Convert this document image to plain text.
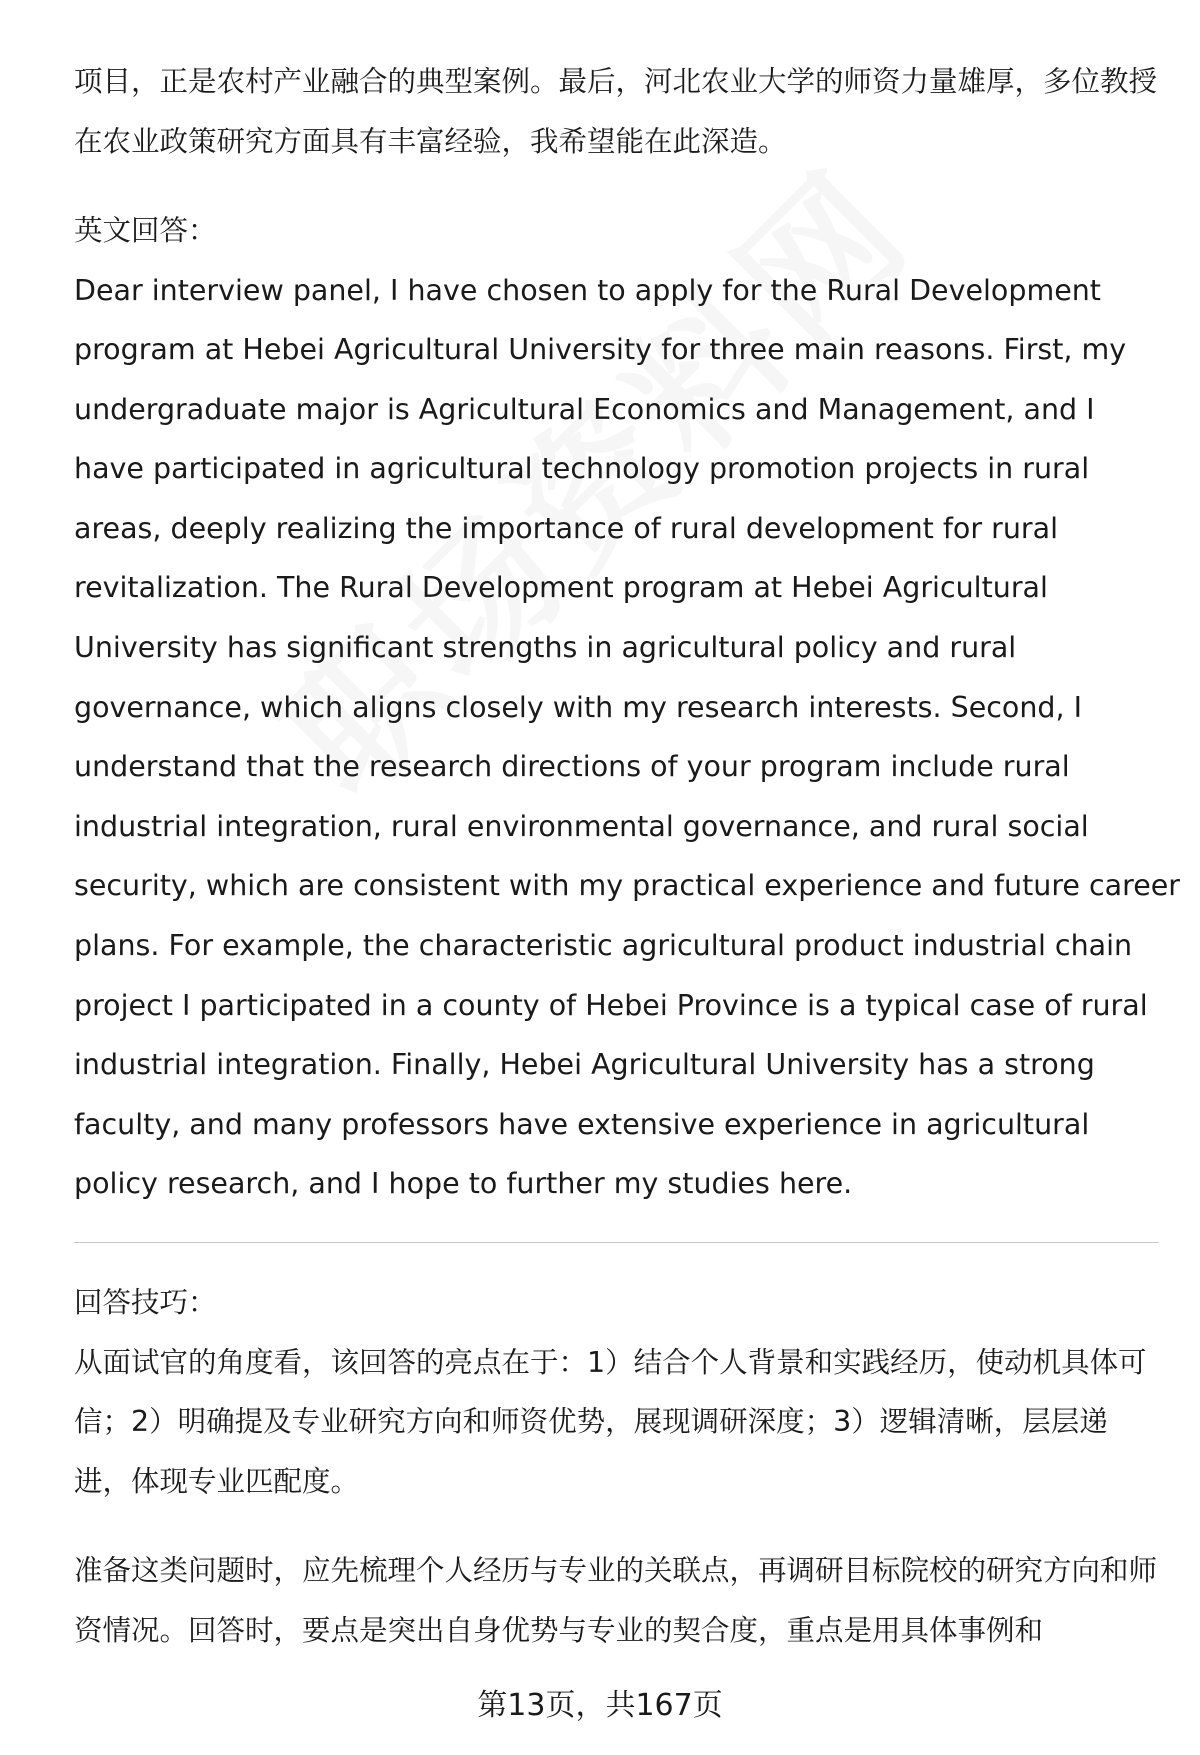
项目，正是农村产业融合的典型案例。最后，河北农业大学的师资力量雄厚，多位教授在农业政策研究方面具有丰富经验，我希望能在此深造。

英文回答：

Dear interview panel, I have chosen to apply for the Rural Development

program at Hebei Agricultural University for three main reasons. First, my

undergraduate major is Agricultural Economics and Management, and I

have participated in agricultural technology promotion projects in rural

areas, deeply realizing the importance of rural development for rural

revitalization. The Rural Development program at Hebei Agricultural

University has significant strengths in agricultural policy and rural

governance, which aligns closely with my research interests. Second, I

understand that the research directions of your program include rural

industrial integration, rural environmental governance, and rural social

security, which are consistent with my practical experience and future career

plans. For example, the characteristic agricultural product industrial chain

project I participated in a county of Hebei Province is a typical case of rural

industrial integration. Finally, Hebei Agricultural University has a strong

faculty, and many professors have extensive experience in agricultural

policy research, and I hope to further my studies here.

回答技巧：

从面试官的角度看，该回答的亮点在于：1）结合个人背景和实践经历，使动机具体可信；2）明确提及专业研究方向和师资优势，展现调研深度；3）逻辑清晰，层层递进，体现专业匹配度。

准备这类问题时，应先梳理个人经历与专业的关联点，再调研目标院校的研究方向和师资情况。回答时，要点是突出自身优势与专业的契合度，重点是用具体事例和

第13页，共167页
